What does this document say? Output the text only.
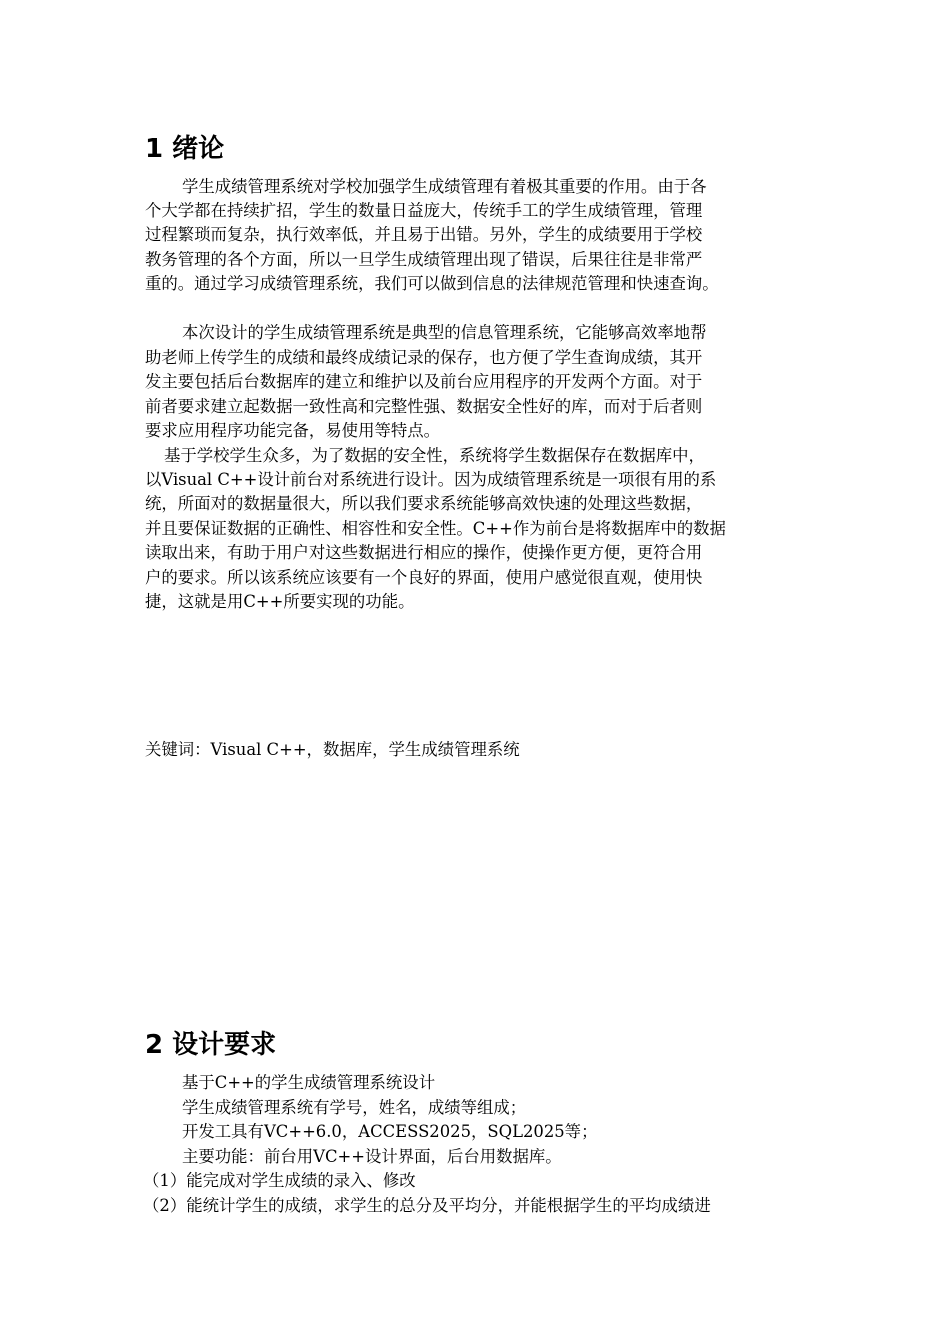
1 绪论

学生成绩管理系统对学校加强学生成绩管理有着极其重要的作用。由于各

个大学都在持续扩招，学生的数量日益庞大，传统手工的学生成绩管理，管理

过程繁琐而复杂，执行效率低，并且易于出错。另外，学生的成绩要用于学校

教务管理的各个方面，所以一旦学生成绩管理出现了错误，后果往往是非常严

重的。通过学习成绩管理系统，我们可以做到信息的法律规范管理和快速查询。

本次设计的学生成绩管理系统是典型的信息管理系统，它能够高效率地帮

助老师上传学生的成绩和最终成绩记录的保存，也方便了学生查询成绩，其开

发主要包括后台数据库的建立和维护以及前台应用程序的开发两个方面。对于

前者要求建立起数据一致性高和完整性强、数据安全性好的库，而对于后者则

要求应用程序功能完备，易使用等特点。

基于学校学生众多，为了数据的安全性，系统将学生数据保存在数据库中，

以Visual C++设计前台对系统进行设计。因为成绩管理系统是一项很有用的系

统，所面对的数据量很大，所以我们要求系统能够高效快速的处理这些数据，

并且要保证数据的正确性、相容性和安全性。C++作为前台是将数据库中的数据

读取出来，有助于用户对这些数据进行相应的操作，使操作更方便，更符合用

户的要求。所以该系统应该要有一个良好的界面，使用户感觉很直观，使用快

捷，这就是用C++所要实现的功能。

关键词：Visual C++，数据库，学生成绩管理系统

2 设计要求

基于C++的学生成绩管理系统设计

学生成绩管理系统有学号，姓名，成绩等组成；

开发工具有VC++6.0，ACCESS2025，SQL2025等；

主要功能：前台用VC++设计界面，后台用数据库。

（1）能完成对学生成绩的录入、修改

（2）能统计学生的成绩，求学生的总分及平均分，并能根据学生的平均成绩进
